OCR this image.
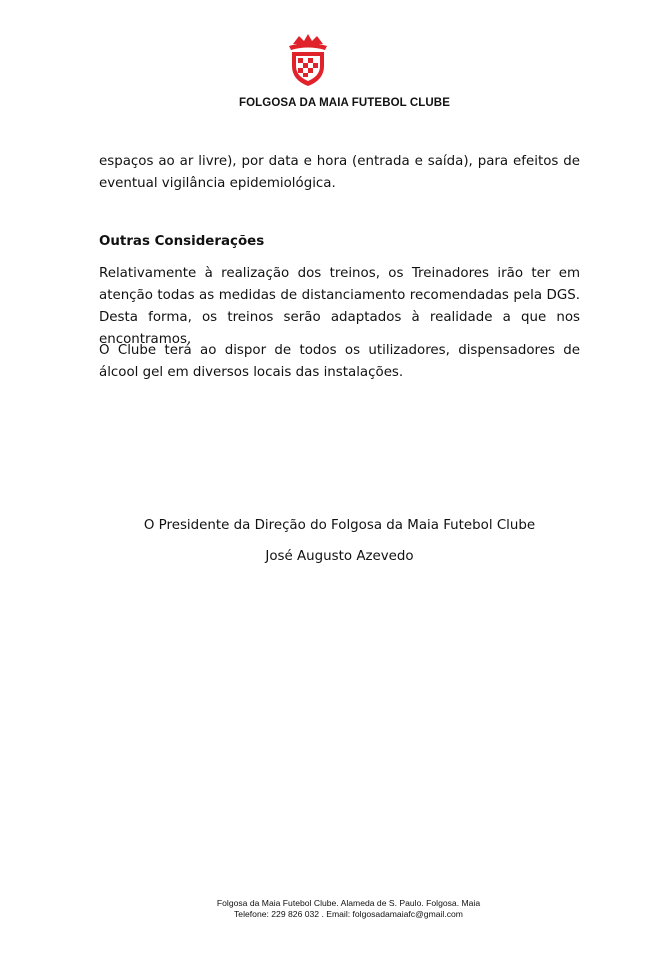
FOLGOSA DA MAIA FUTEBOL CLUBE

espaços ao ar livre), por data e hora (entrada e saída), para efeitos de eventual vigilância epidemiológica.

Outras Considerações

Relativamente à realização dos treinos, os Treinadores irão ter em atenção todas as medidas de distanciamento recomendadas pela DGS. Desta forma, os treinos serão adaptados à realidade a que nos encontramos.

O Clube terá ao dispor de todos os utilizadores, dispensadores de álcool gel em diversos locais das instalações.

O Presidente da Direção do Folgosa da Maia Futebol Clube

José Augusto Azevedo

Folgosa da Maia Futebol Clube. Alameda de S. Paulo. Folgosa. Maia
Telefone: 229 826 032 . Email: folgosadamaiafc@gmail.com
